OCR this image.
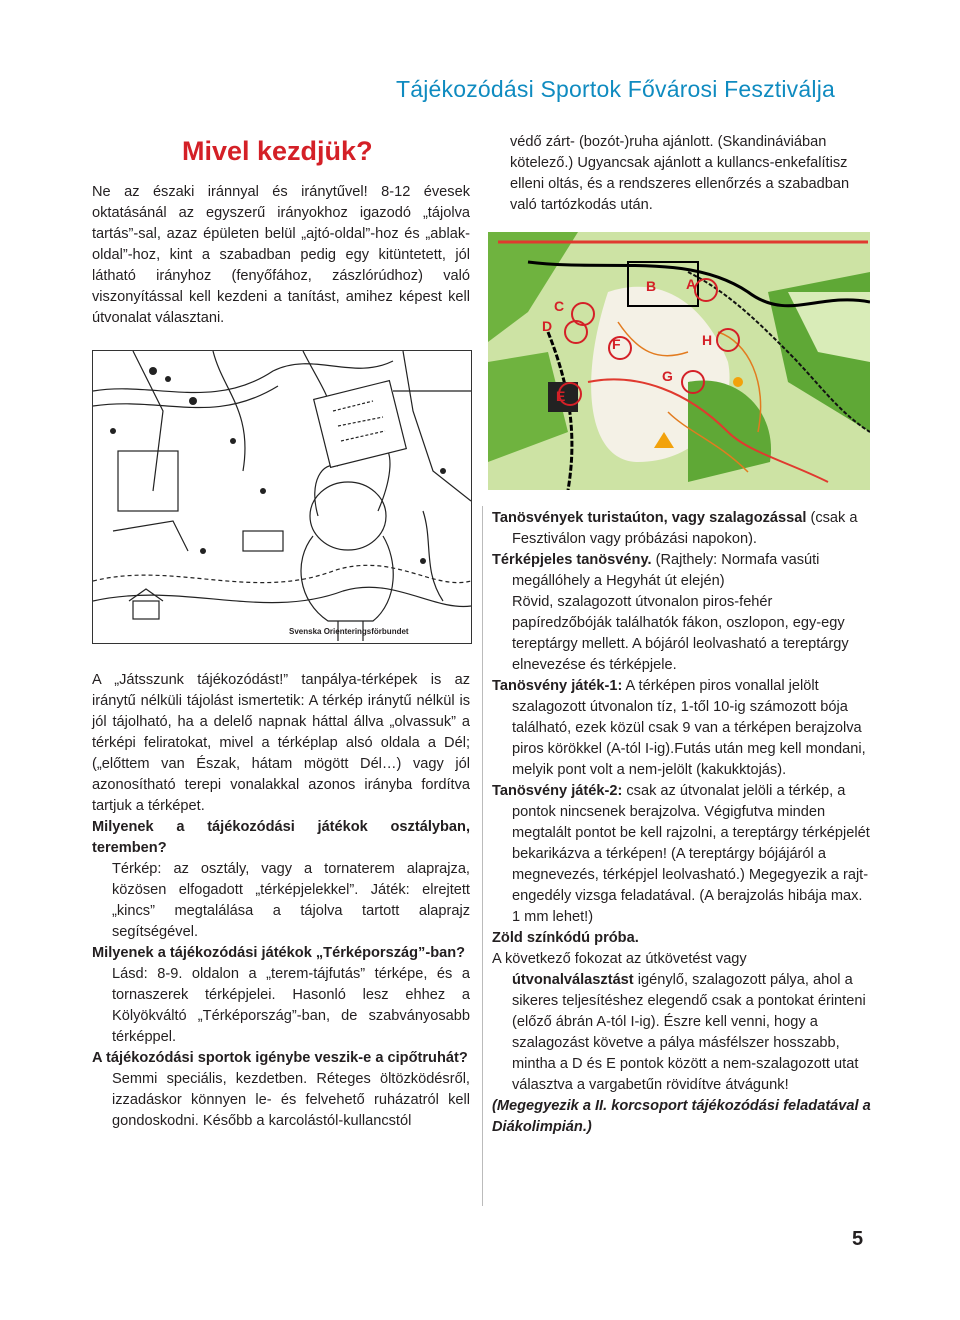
Tájékozódási Sportok Fővárosi Fesztiválja
Mivel kezdjük?

Ne az északi iránnyal és iránytűvel! 8-12 évesek oktatásánál az egyszerű irányokhoz igazodó „tájolva tartás”-sal, azaz épületen belül „ajtó-oldal”-hoz és „ablak-oldal”-hoz, kint a szabadban pedig egy kitüntetett, jól látható irányhoz (fenyőfához, zászlórúdhoz) való viszonyítással kell kezdeni a tanítást, amihez képest kell útvonalat választani.

Svenska Orienteringsförbundet
B A
C
D
F	H
G
E

A „Játsszunk tájékozódást!” tanpálya-térképek is az iránytű nélküli tájolást ismertetik: A térkép iránytű nélkül is jól tájolható, ha a delelő napnak háttal állva „olvassuk” a térképi feliratokat, mivel a térképlap alsó oldala a Dél; („előttem van Észak, hátam mögött Dél…) vagy jól azonosítható terepi vonalakkal azonos irányba fordítva tartjuk a térképet.

Milyenek a tájékozódási játékok osztályban, teremben?

Térkép: az osztály, vagy a tornaterem alaprajza, közösen elfogadott „térképjelekkel”. Játék: elrejtett „kincs” megtalálása a tájolva tartott alaprajz segítségével.

Milyenek a tájékozódási játékok „Térképország”-ban?

Lásd: 8-9. oldalon a „terem-tájfutás” térképe, és a tornaszerek térképjelei. Hasonló lesz ehhez a Kölyökváltó „Térképország”-ban, de szabványosabb térképpel.

A tájékozódási sportok igénybe veszik-e a cipőtruhát?

Semmi speciális, kezdetben. Réteges öltözködésről, izzadáskor könnyen le- és felvehető ruházatról kell gondoskodni. Később a karcolástól-kullancstól

védő zárt- (bozót-)ruha ajánlott. (Skandináviában kötelező.) Ugyancsak ajánlott a kullancs-enkefalítisz elleni oltás, és a rendszeres ellenőrzés a szabadban való tartózkodás után.

Tanösvények turistaúton, vagy szalagozással (csak a Fesztiválon vagy próbázási napokon).

Térképjeles tanösvény. (Rajthely: Normafa vasúti megállóhely a Hegyhát út elején)

Rövid, szalagozott útvonalon piros-fehér papíredzőbóják találhatók fákon, oszlopon, egy-egy tereptárgy mellett. A bójáról leolvasható a tereptárgy elnevezése és térképjele.

Tanösvény játék-1: A térképen piros vonallal jelölt szalagozott útvonalon tíz, 1-től 10-ig számozott bója található, ezek közül csak 9 van a térképen berajzolva piros körökkel (A-tól I-ig).Futás után meg kell mondani, melyik pont volt a nem-jelölt (kakukktojás).

Tanösvény játék-2: csak az útvonalat jelöli a térkép, a pontok nincsenek berajzolva. Végigfutva minden megtalált pontot be kell rajzolni, a tereptárgy térképjelét bekarikázva a térképen! (A tereptárgy bójájáról a megnevezés, térképjel leolvasható.) Megegyezik a rajt-engedély vizsga feladatával. (A berajzolás hibája max. 1 mm lehet!)

Zöld színkódú próba.

A következő fokozat az útkövetést vagy útvonalválasztást igénylő, szalagozott pálya, ahol a sikeres teljesítéshez elegendő csak a pontokat érinteni (előző ábrán A-tól I-ig). Észre kell venni, hogy a szalagozást követve a pálya másfélszer hosszabb, mintha a D és E pontok között a nem-szalagozott utat választva a vargabetűn rövidítve átvágunk!

(Megegyezik a II. korcsoport tájékozódási feladatával a Diákolimpián.)

5
